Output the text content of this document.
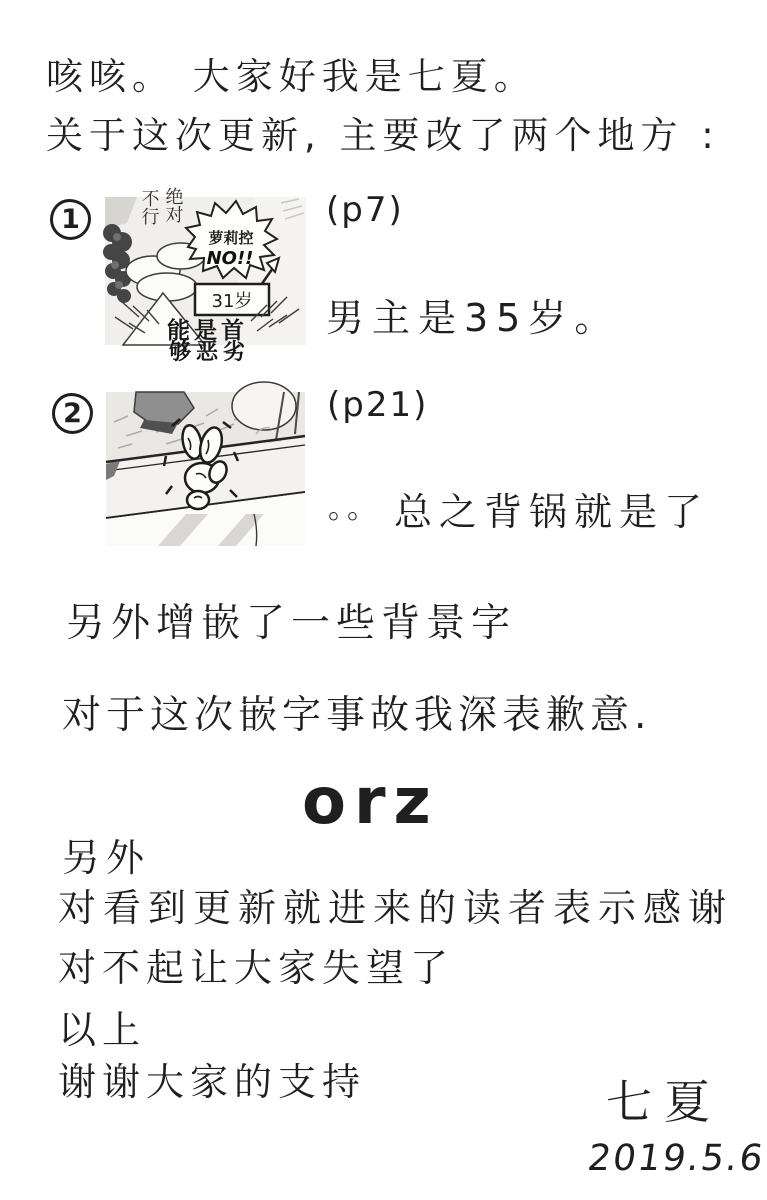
咳咳。 大家好我是七夏。
关于这次更新, 主要改了两个地方 :
1	不行 绝对
萝莉控
NO!!
31岁
能是首
够恶劣
(p7)
男主是35岁。
2	(p21)
。。 总之背锅就是了
另外增嵌了一些背景字
对于这次嵌字事故我深表歉意.
orz
另外
对看到更新就进来的读者表示感谢
对不起让大家失望了
以上
谢谢大家的支持	七夏
2019.5.6
